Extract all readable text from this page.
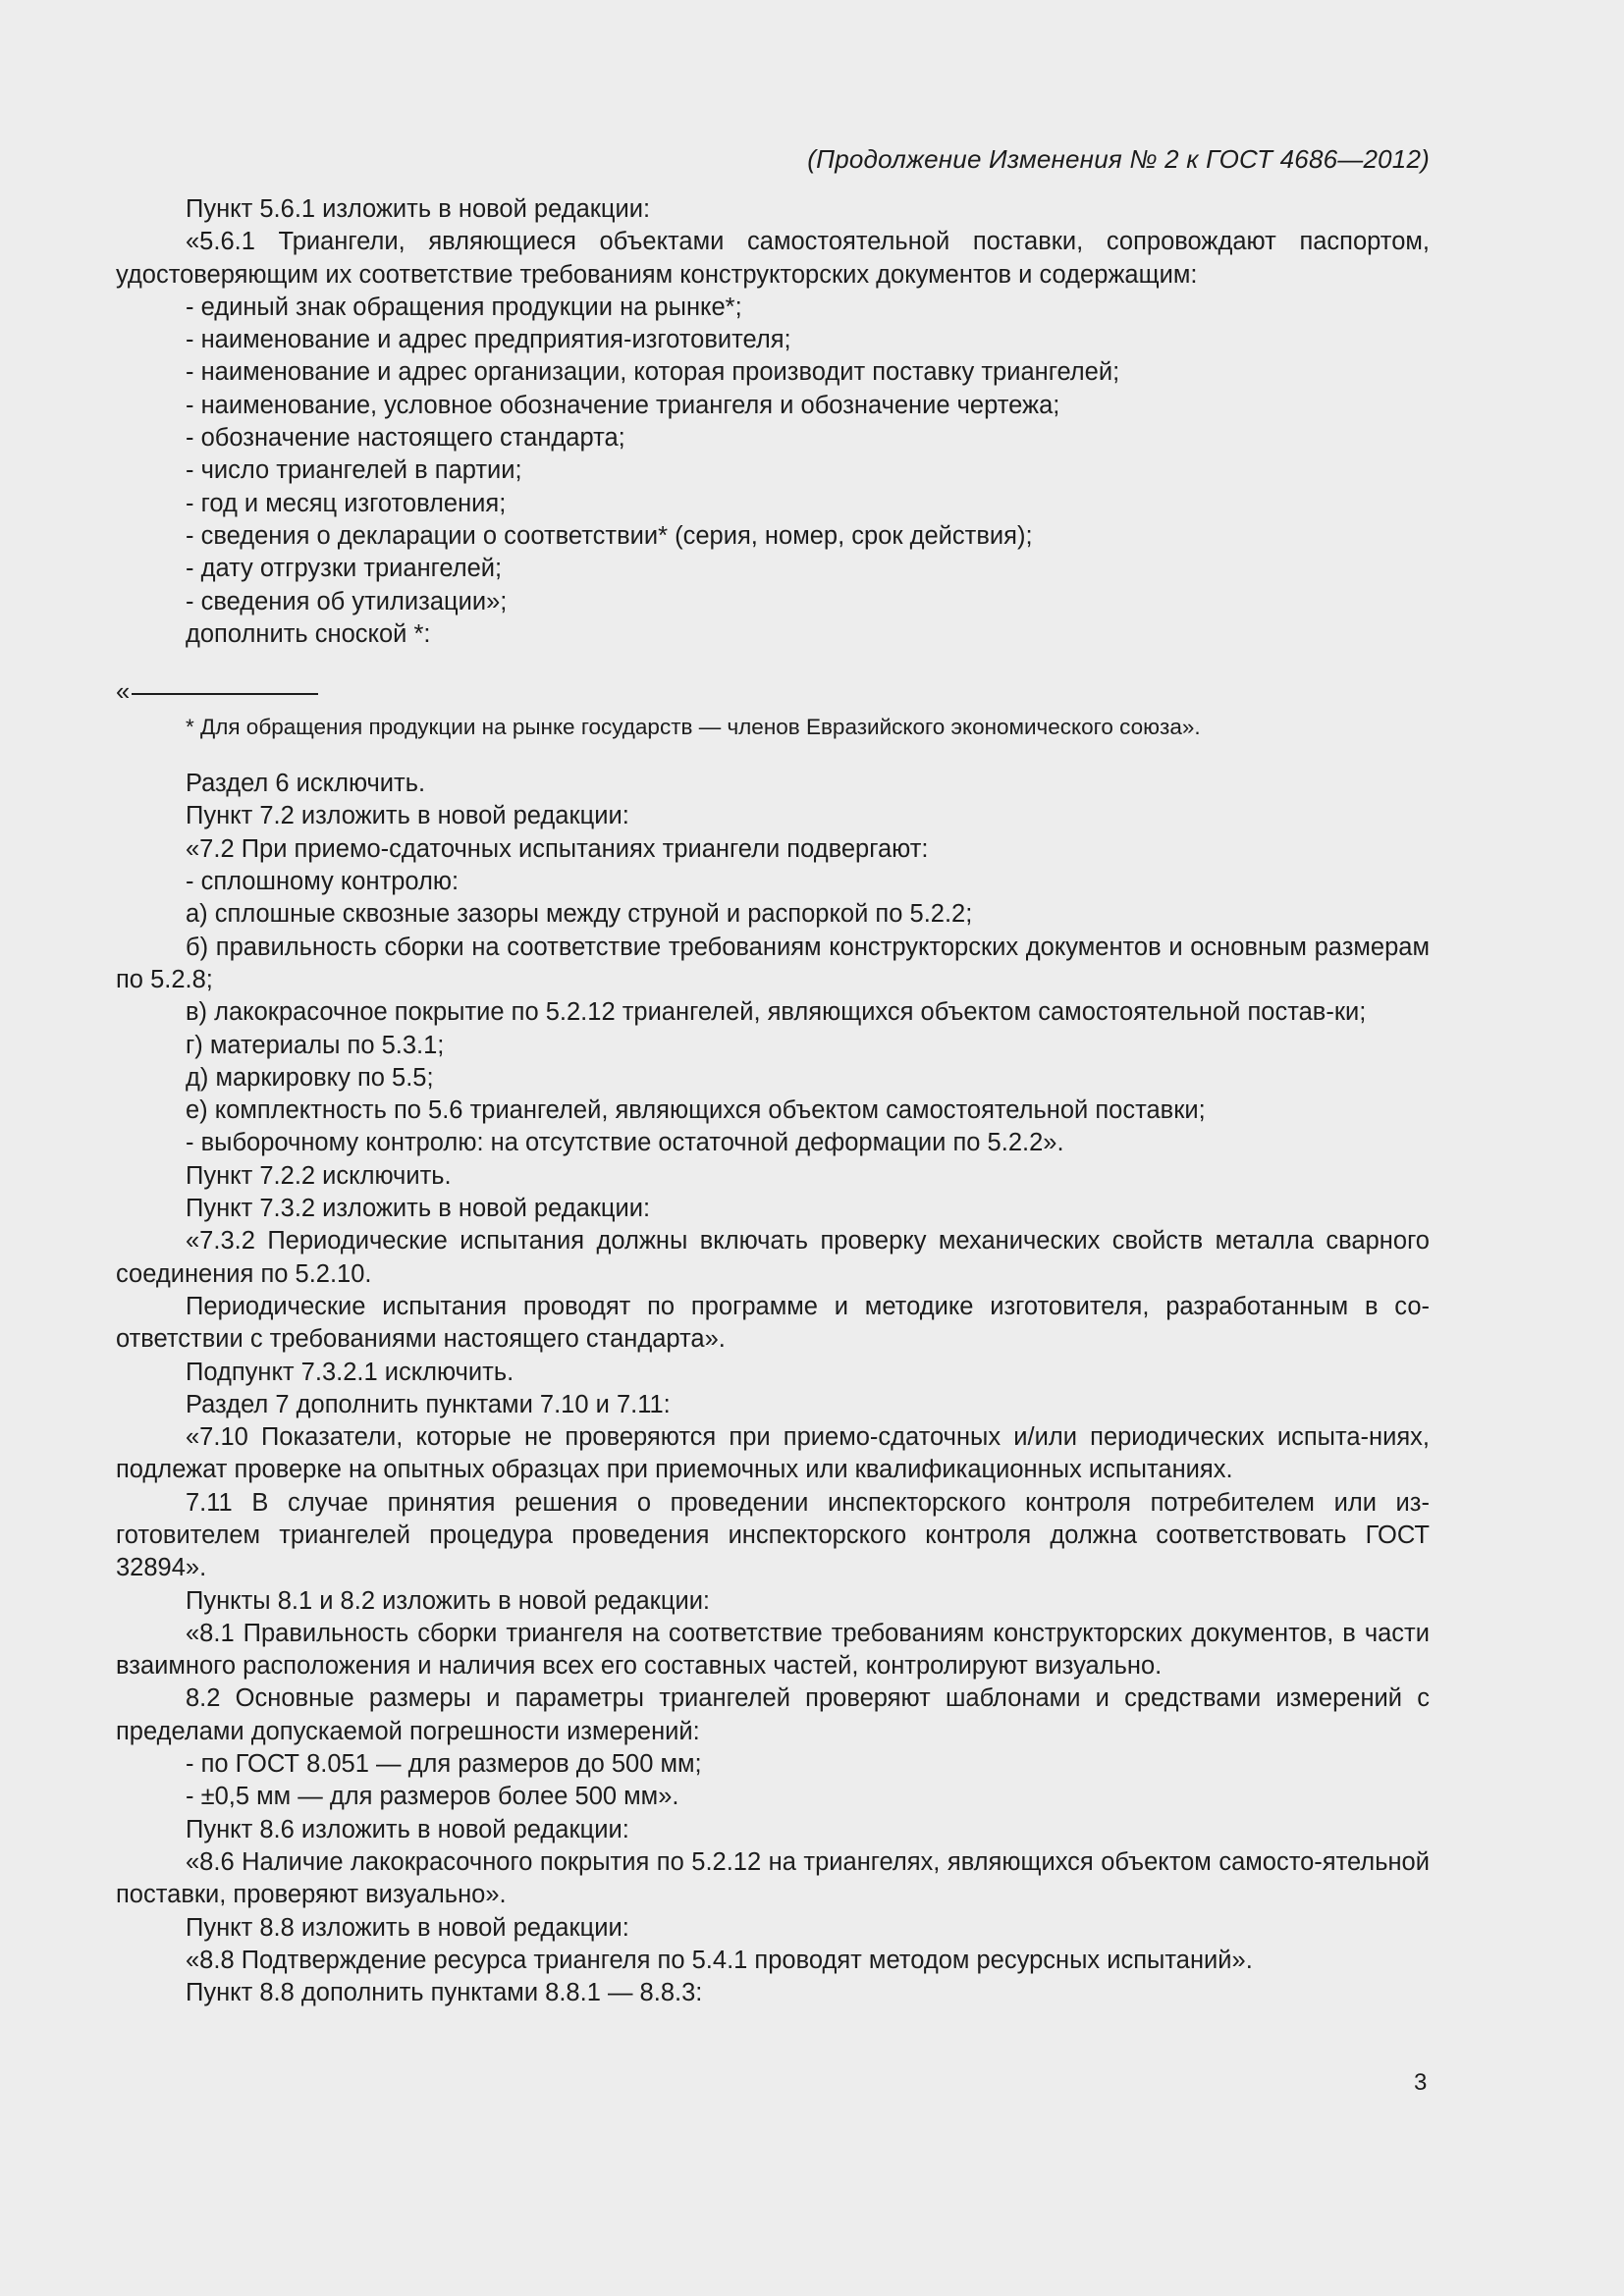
(Продолжение Изменения № 2 к ГОСТ 4686—2012)

Пункт 5.6.1 изложить в новой редакции:

«5.6.1 Триангели, являющиеся объектами самостоятельной поставки, сопровождают паспортом, удостоверяющим их соответствие требованиям конструкторских документов и содержащим:

- единый знак обращения продукции на рынке*;

- наименование и адрес предприятия-изготовителя;

- наименование и адрес организации, которая производит поставку триангелей;

- наименование, условное обозначение триангеля и обозначение чертежа;

- обозначение настоящего стандарта;

- число триангелей в партии;

- год и месяц изготовления;

- сведения о декларации о соответствии* (серия, номер, срок действия);

- дату отгрузки триангелей;

- сведения об утилизации»;

дополнить сноской *:

«

* Для обращения продукции на рынке государств — членов Евразийского экономического союза».

Раздел 6 исключить.

Пункт 7.2 изложить в новой редакции:

«7.2 При приемо-сдаточных испытаниях триангели подвергают:

- сплошному контролю:

а) сплошные сквозные зазоры между струной и распоркой по 5.2.2;

б) правильность сборки на соответствие требованиям конструкторских документов и основным размерам по 5.2.8;

в) лакокрасочное покрытие по 5.2.12 триангелей, являющихся объектом самостоятельной постав-ки;

г) материалы по 5.3.1;

д) маркировку по 5.5;

е) комплектность по 5.6 триангелей, являющихся объектом самостоятельной поставки;

- выборочному контролю: на отсутствие остаточной деформации по 5.2.2».

Пункт 7.2.2 исключить.

Пункт 7.3.2 изложить в новой редакции:

«7.3.2 Периодические испытания должны включать проверку механических свойств металла сварного соединения по 5.2.10.

Периодические испытания проводят по программе и методике изготовителя, разработанным в со-ответствии с требованиями настоящего стандарта».

Подпункт 7.3.2.1 исключить.

Раздел 7 дополнить пунктами 7.10 и 7.11:

«7.10 Показатели, которые не проверяются при приемо-сдаточных и/или периодических испыта-ниях, подлежат проверке на опытных образцах при приемочных или квалификационных испытаниях.

7.11 В случае принятия решения о проведении инспекторского контроля потребителем или из-готовителем триангелей процедура проведения инспекторского контроля должна соответствовать ГОСТ 32894».

Пункты 8.1 и 8.2 изложить в новой редакции:

«8.1 Правильность сборки триангеля на соответствие требованиям конструкторских документов, в части взаимного расположения и наличия всех его составных частей, контролируют визуально.

8.2 Основные размеры и параметры триангелей проверяют шаблонами и средствами измерений с пределами допускаемой погрешности измерений:

- по ГОСТ 8.051 — для размеров до 500 мм;

- ±0,5 мм — для размеров более 500 мм».

Пункт 8.6 изложить в новой редакции:

«8.6 Наличие лакокрасочного покрытия по 5.2.12 на триангелях, являющихся объектом самосто-ятельной поставки, проверяют визуально».

Пункт 8.8 изложить в новой редакции:

«8.8 Подтверждение ресурса триангеля по 5.4.1 проводят методом ресурсных испытаний».

Пункт 8.8 дополнить пунктами 8.8.1 — 8.8.3:

3
